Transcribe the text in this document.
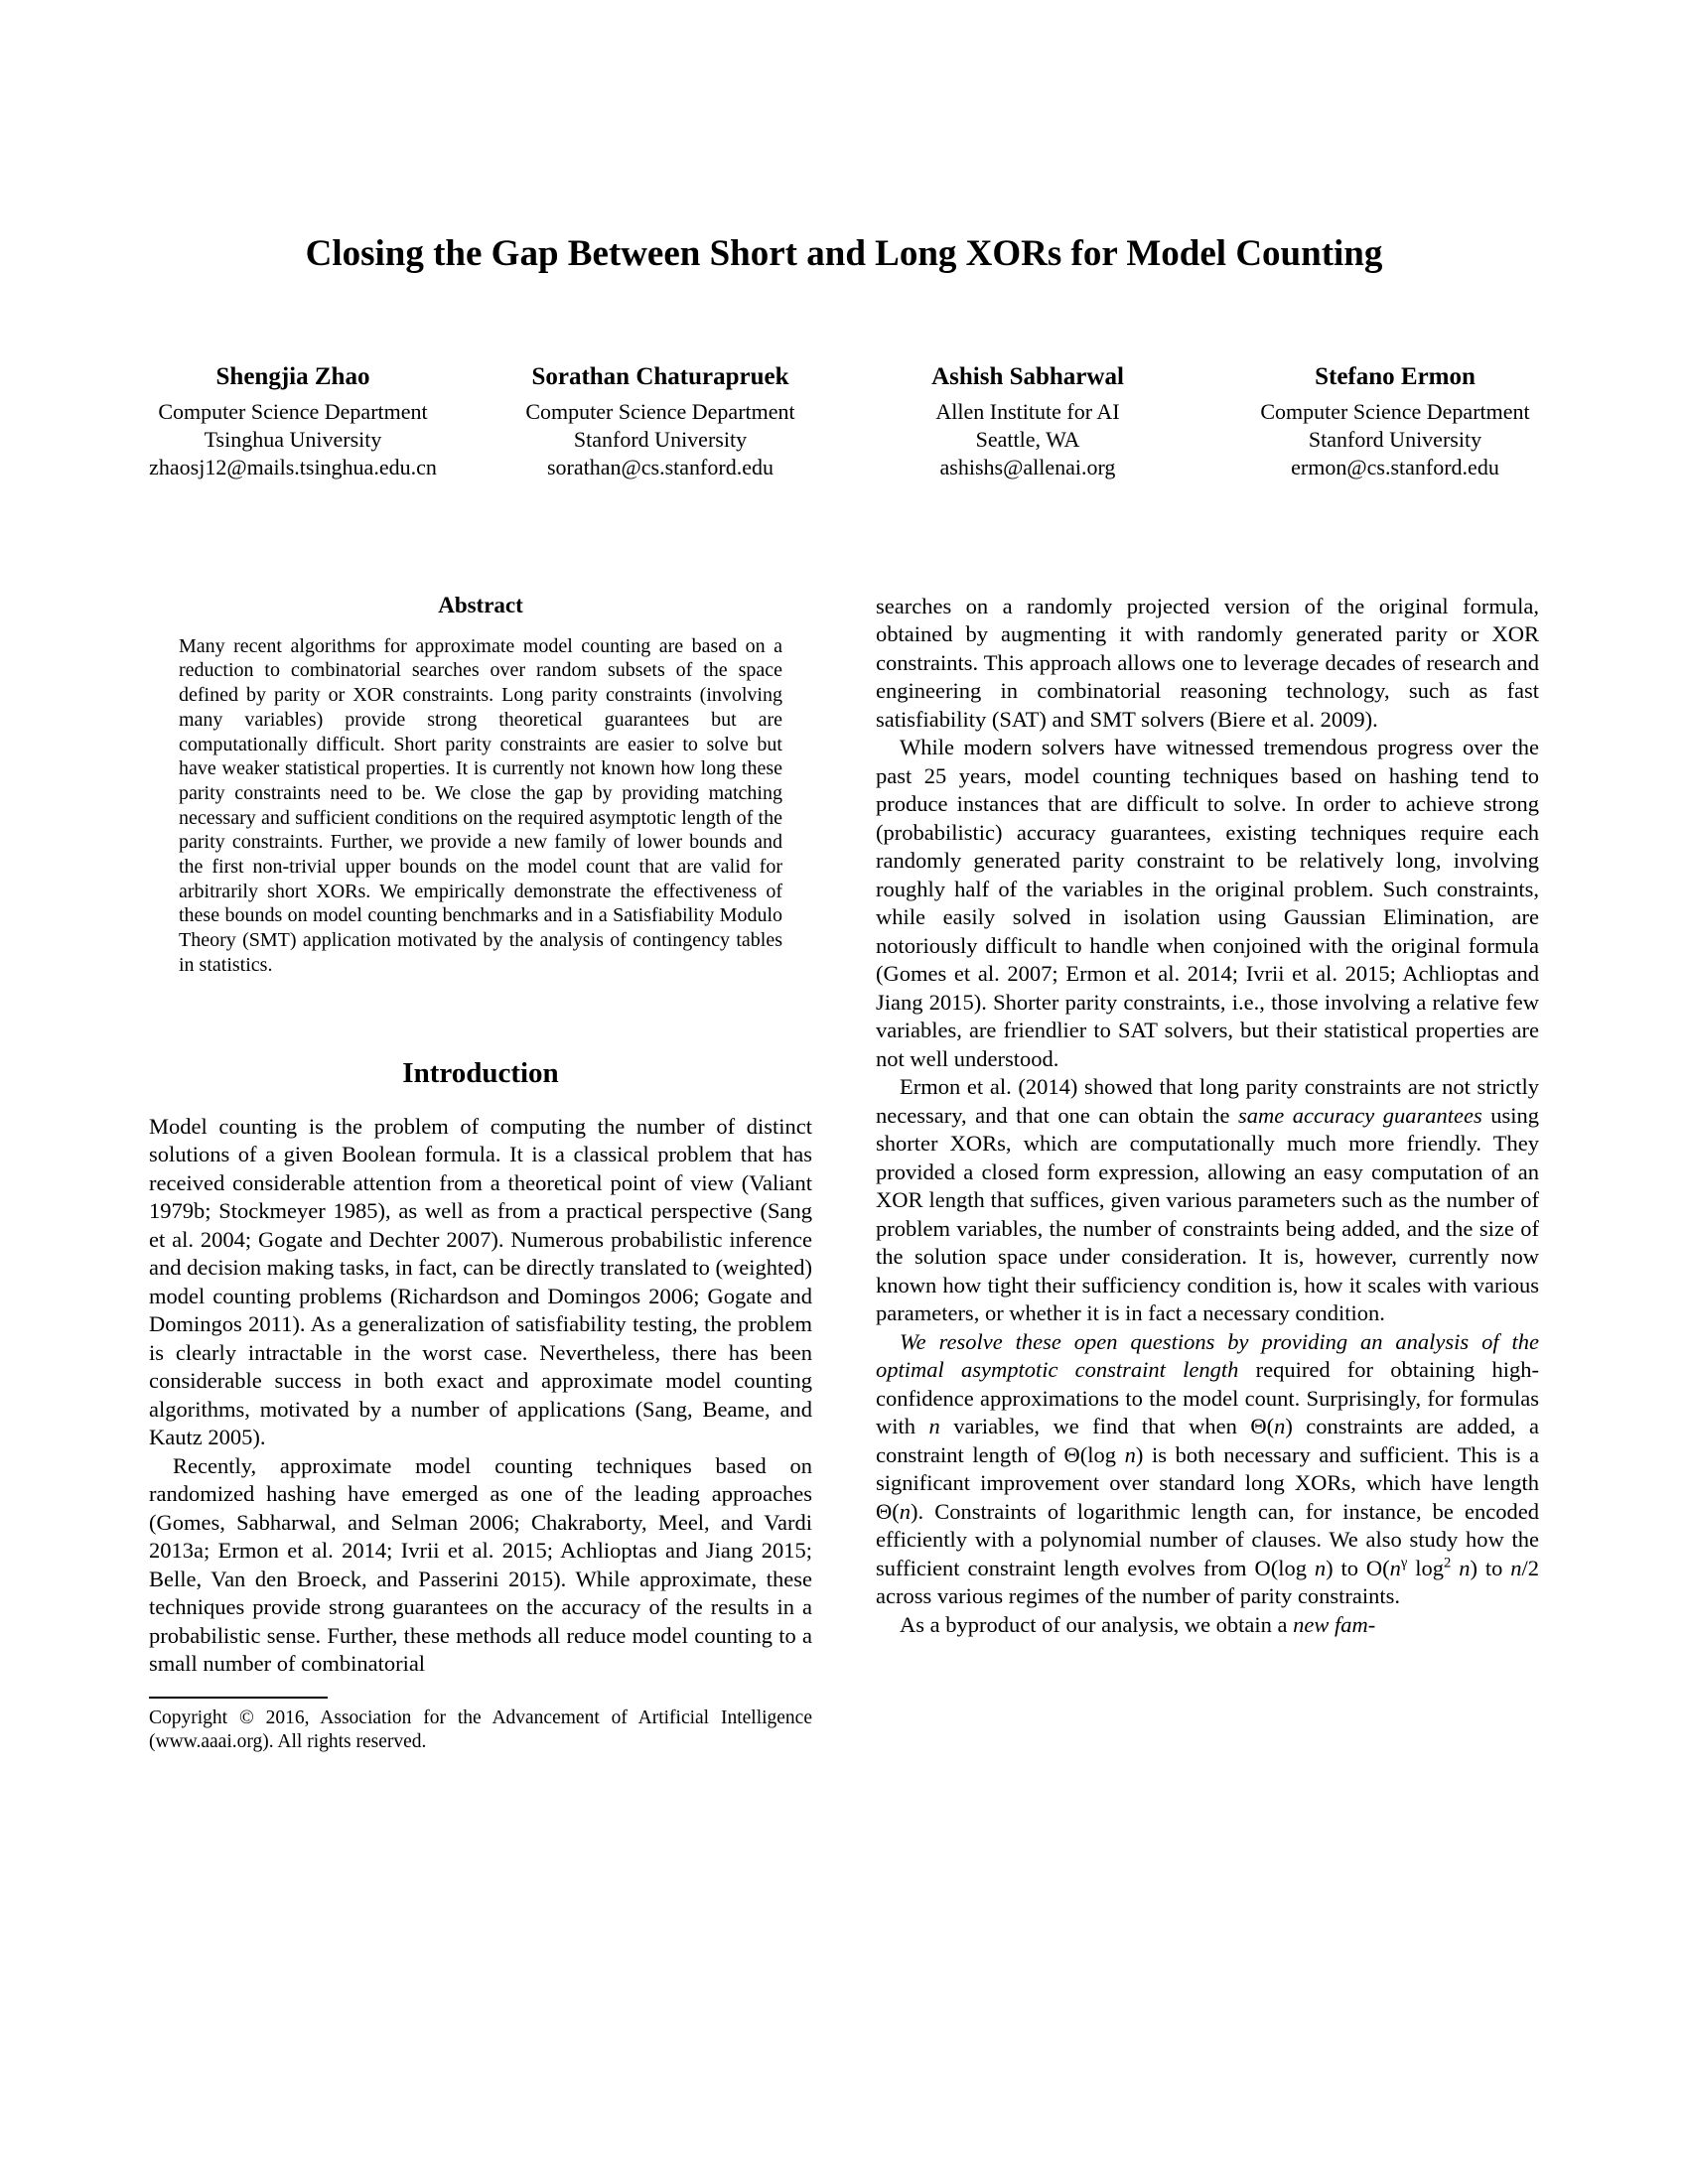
Closing the Gap Between Short and Long XORs for Model Counting
Shengjia Zhao
Computer Science Department
Tsinghua University
zhaosj12@mails.tsinghua.edu.cn
Sorathan Chaturapruek
Computer Science Department
Stanford University
sorathan@cs.stanford.edu
Ashish Sabharwal
Allen Institute for AI
Seattle, WA
ashishs@allenai.org
Stefano Ermon
Computer Science Department
Stanford University
ermon@cs.stanford.edu
Abstract
Many recent algorithms for approximate model counting are based on a reduction to combinatorial searches over random subsets of the space defined by parity or XOR constraints. Long parity constraints (involving many variables) provide strong theoretical guarantees but are computationally difficult. Short parity constraints are easier to solve but have weaker statistical properties. It is currently not known how long these parity constraints need to be. We close the gap by providing matching necessary and sufficient conditions on the required asymptotic length of the parity constraints. Further, we provide a new family of lower bounds and the first non-trivial upper bounds on the model count that are valid for arbitrarily short XORs. We empirically demonstrate the effectiveness of these bounds on model counting benchmarks and in a Satisfiability Modulo Theory (SMT) application motivated by the analysis of contingency tables in statistics.
Introduction

Model counting is the problem of computing the number of distinct solutions of a given Boolean formula. It is a classical problem that has received considerable attention from a theoretical point of view (Valiant 1979b; Stockmeyer 1985), as well as from a practical perspective (Sang et al. 2004; Gogate and Dechter 2007). Numerous probabilistic inference and decision making tasks, in fact, can be directly translated to (weighted) model counting problems (Richardson and Domingos 2006; Gogate and Domingos 2011). As a generalization of satisfiability testing, the problem is clearly intractable in the worst case. Nevertheless, there has been considerable success in both exact and approximate model counting algorithms, motivated by a number of applications (Sang, Beame, and Kautz 2005).

Recently, approximate model counting techniques based on randomized hashing have emerged as one of the leading approaches (Gomes, Sabharwal, and Selman 2006; Chakraborty, Meel, and Vardi 2013a; Ermon et al. 2014; Ivrii et al. 2015; Achlioptas and Jiang 2015; Belle, Van den Broeck, and Passerini 2015). While approximate, these techniques provide strong guarantees on the accuracy of the results in a probabilistic sense. Further, these methods all reduce model counting to a small number of combinatorial

Copyright © 2016, Association for the Advancement of Artificial Intelligence (www.aaai.org). All rights reserved.

searches on a randomly projected version of the original formula, obtained by augmenting it with randomly generated parity or XOR constraints. This approach allows one to leverage decades of research and engineering in combinatorial reasoning technology, such as fast satisfiability (SAT) and SMT solvers (Biere et al. 2009).

While modern solvers have witnessed tremendous progress over the past 25 years, model counting techniques based on hashing tend to produce instances that are difficult to solve. In order to achieve strong (probabilistic) accuracy guarantees, existing techniques require each randomly generated parity constraint to be relatively long, involving roughly half of the variables in the original problem. Such constraints, while easily solved in isolation using Gaussian Elimination, are notoriously difficult to handle when conjoined with the original formula (Gomes et al. 2007; Ermon et al. 2014; Ivrii et al. 2015; Achlioptas and Jiang 2015). Shorter parity constraints, i.e., those involving a relative few variables, are friendlier to SAT solvers, but their statistical properties are not well understood.

Ermon et al. (2014) showed that long parity constraints are not strictly necessary, and that one can obtain the same accuracy guarantees using shorter XORs, which are computationally much more friendly. They provided a closed form expression, allowing an easy computation of an XOR length that suffices, given various parameters such as the number of problem variables, the number of constraints being added, and the size of the solution space under consideration. It is, however, currently now known how tight their sufficiency condition is, how it scales with various parameters, or whether it is in fact a necessary condition.

We resolve these open questions by providing an analysis of the optimal asymptotic constraint length required for obtaining high-confidence approximations to the model count. Surprisingly, for formulas with n variables, we find that when Θ(n) constraints are added, a constraint length of Θ(log n) is both necessary and sufficient. This is a significant improvement over standard long XORs, which have length Θ(n). Constraints of logarithmic length can, for instance, be encoded efficiently with a polynomial number of clauses. We also study how the sufficient constraint length evolves from O(log n) to $O(n^\gamma$ $\log^2 n$) to n/2 across various regimes of the number of parity constraints.

As a byproduct of our analysis, we obtain a new fam-
